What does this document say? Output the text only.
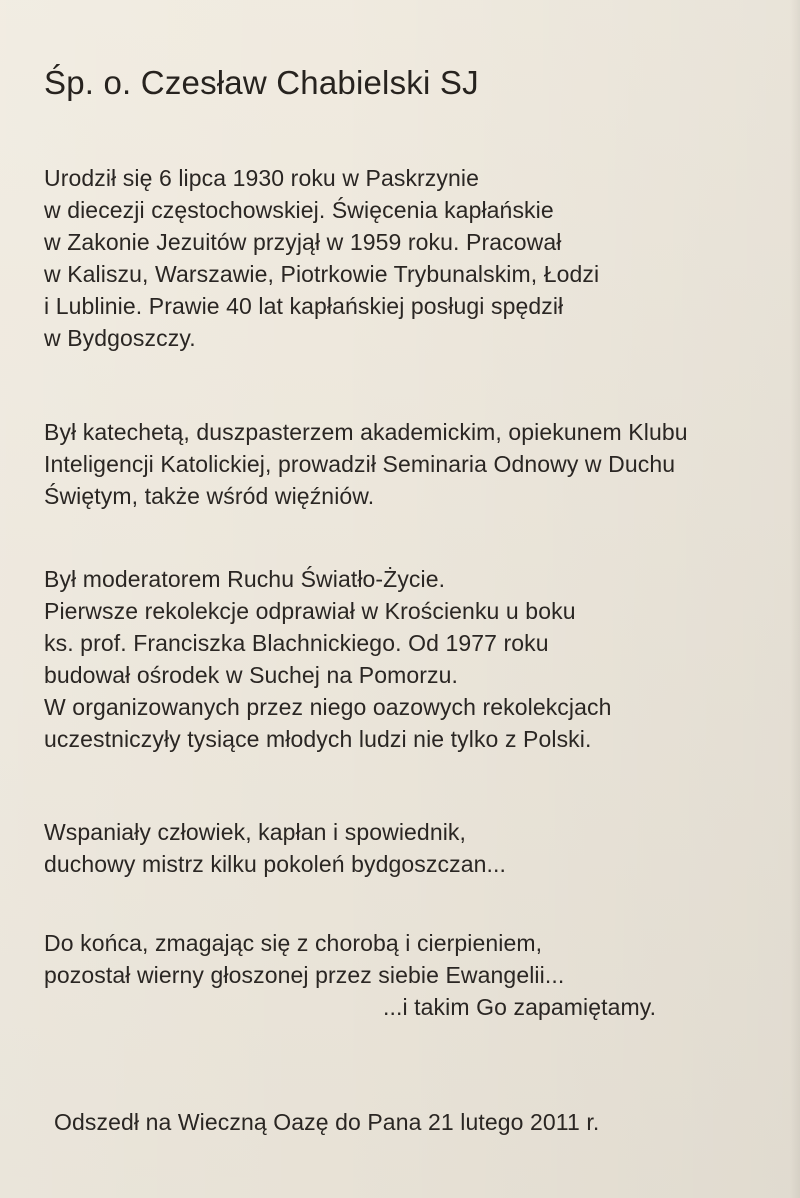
Śp. o. Czesław Chabielski SJ
Urodził się 6 lipca 1930 roku w Paskrzynie
w diecezji częstochowskiej. Święcenia kapłańskie
w Zakonie Jezuitów przyjął w 1959 roku. Pracował
w Kaliszu, Warszawie, Piotrkowie Trybunalskim, Łodzi
i Lublinie. Prawie 40 lat kapłańskiej posługi spędził
w Bydgoszczy.
Był katechetą, duszpasterzem akademickim, opiekunem Klubu
Inteligencji Katolickiej, prowadził Seminaria Odnowy w Duchu
Świętym, także wśród więźniów.
Był moderatorem Ruchu Światło-Życie.
Pierwsze rekolekcje odprawiał w Krościenku u boku
ks. prof. Franciszka Blachnickiego. Od 1977 roku
budował ośrodek w Suchej na Pomorzu.
W organizowanych przez niego oazowych rekolekcjach
uczestniczyły tysiące młodych ludzi nie tylko z Polski.
Wspaniały człowiek, kapłan i spowiednik,
duchowy mistrz kilku pokoleń bydgoszczan...
Do końca, zmagając się z chorobą i cierpieniem,
pozostał wierny głoszonej przez siebie Ewangelii...
...i takim Go zapamiętamy.
Odszedł na Wieczną Oazę do Pana 21 lutego 2011 r.
